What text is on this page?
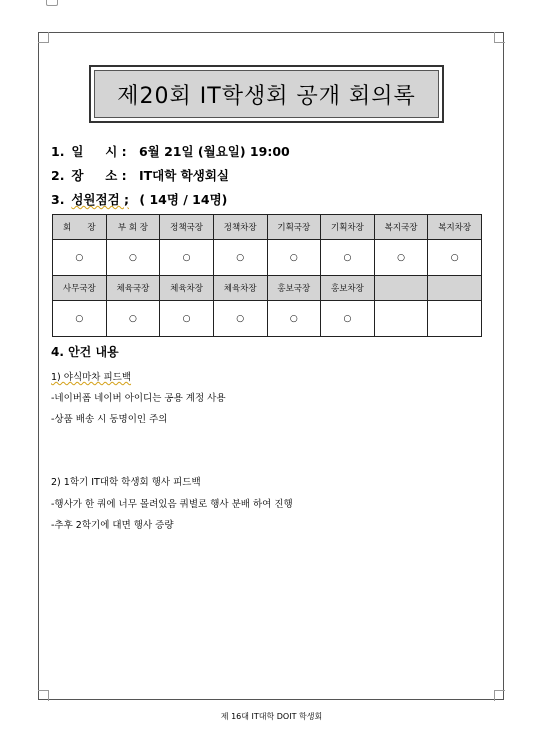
제20회 IT학생회 공개 회의록
1. 일     시 : 6월 21일 (월요일) 19:00
2. 장     소 : IT대학 학생회실
3. 성원점검 ; ( 14명 / 14명)
회      장	부 회 장	정책국장	정책차장	기획국장	기획차장	복지국장	복지차장
○	○	○	○	○	○	○	○
사무국장	체육국장	체육차장	체육차장	홍보국장	홍보차장		
○	○	○	○	○	○		
4. 안건 내용
1) 야식마차 피드백
-네이버폼 네이버 아이디는 공용 계정 사용
-상품 배송 시 동명이인 주의
2) 1학기 IT대학 학생회 행사 피드백
-행사가 한 쿼에 너무 몰려있음 쿼별로 행사 분배 하여 진행
-추후 2학기에 대면 행사 증량
제 16대 IT대학 DOIT 학생회
